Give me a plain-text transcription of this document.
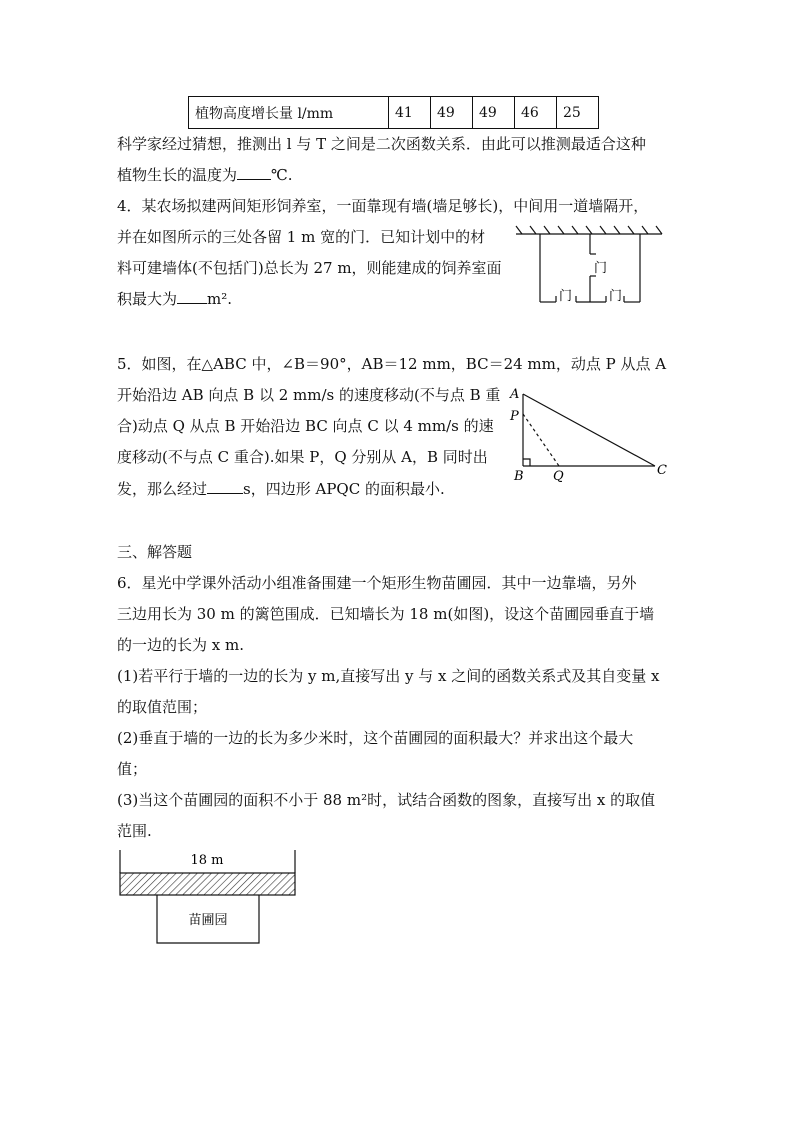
植物高度增长量 l/mm	41	49	49	46	25
科学家经过猜想，推测出 l 与 T 之间是二次函数关系．由此可以推测最适合这种
植物生长的温度为 ℃.
4．某农场拟建两间矩形饲养室，一面靠现有墙(墙足够长)，中间用一道墙隔开，
并在如图所示的三处各留 1 m 宽的门．已知计划中的材
料可建墙体(不包括门)总长为 27 m，则能建成的饲养室面
积最大为 m².
门
门	门
5．如图，在△ABC 中，∠B＝90°，AB＝12 mm，BC＝24 mm，动点 P 从点 A
开始沿边 AB 向点 B 以 2 mm/s 的速度移动(不与点 B 重
合)动点 Q 从点 B 开始沿边 BC 向点 C 以 4 mm/s 的速
度移动(不与点 C 重合).如果 P，Q 分别从 A，B 同时出
发，那么经过 s，四边形 APQC 的面积最小.
A
P
B Q	C
三、解答题
6．星光中学课外活动小组准备围建一个矩形生物苗圃园．其中一边靠墙，另外
三边用长为 30 m 的篱笆围成．已知墙长为 18 m(如图)，设这个苗圃园垂直于墙
的一边的长为 x m.
(1)若平行于墙的一边的长为 y m,直接写出 y 与 x 之间的函数关系式及其自变量 x
的取值范围；
(2)垂直于墙的一边的长为多少米时，这个苗圃园的面积最大？并求出这个最大
值；
(3)当这个苗圃园的面积不小于 88 m²时，试结合函数的图象，直接写出 x 的取值
范围.
18 m
苗圃园
